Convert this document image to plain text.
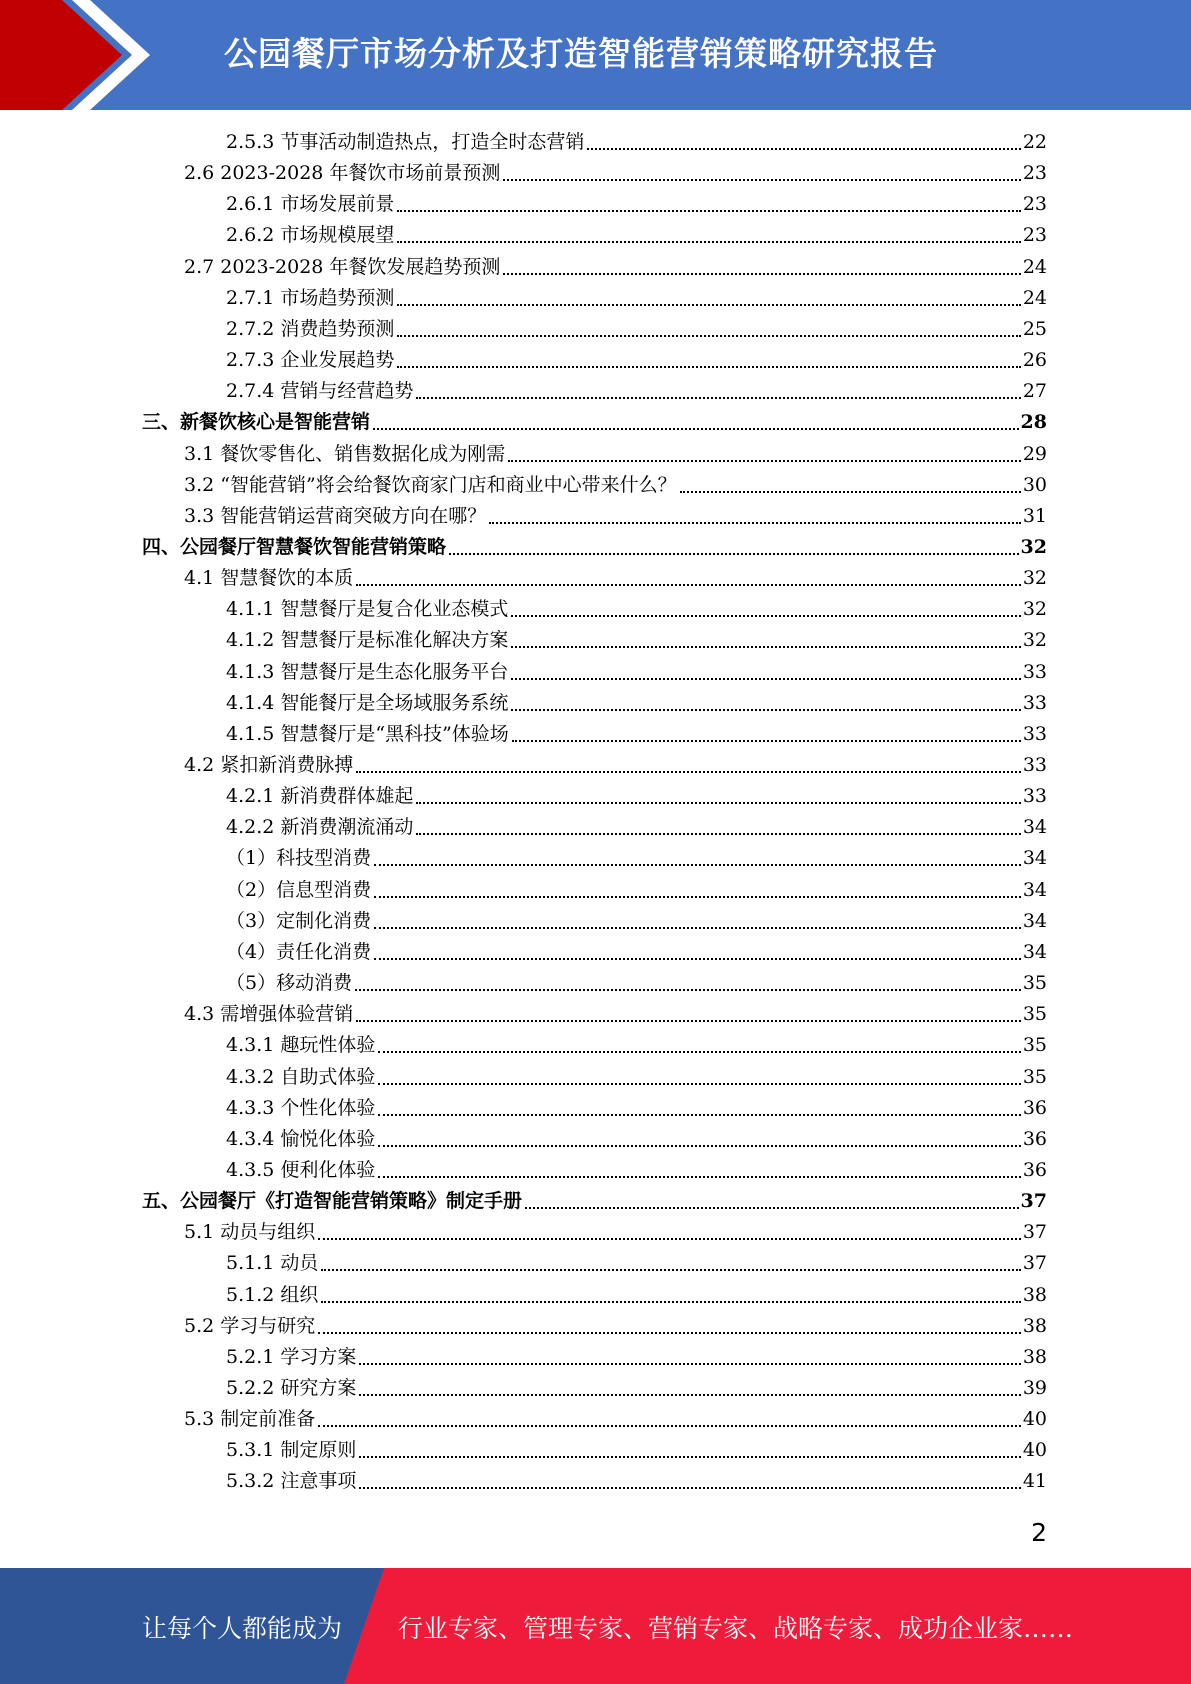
公园餐厅市场分析及打造智能营销策略研究报告
2.5.3 节事活动制造热点，打造全时态营销	22
2.6 2023-2028 年餐饮市场前景预测	23
2.6.1 市场发展前景	23
2.6.2 市场规模展望	23
2.7 2023-2028 年餐饮发展趋势预测	24
2.7.1 市场趋势预测	24
2.7.2 消费趋势预测	25
2.7.3 企业发展趋势	26
2.7.4 营销与经营趋势	27
三、新餐饮核心是智能营销	28
3.1 餐饮零售化、销售数据化成为刚需	29
3.2 “智能营销”将会给餐饮商家门店和商业中心带来什么？	30
3.3 智能营销运营商突破方向在哪？	31
四、公园餐厅智慧餐饮智能营销策略	32
4.1 智慧餐饮的本质	32
4.1.1 智慧餐厅是复合化业态模式	32
4.1.2 智慧餐厅是标准化解决方案	32
4.1.3 智慧餐厅是生态化服务平台	33
4.1.4 智能餐厅是全场域服务系统	33
4.1.5 智慧餐厅是“黑科技”体验场	33
4.2 紧扣新消费脉搏	33
4.2.1 新消费群体雄起	33
4.2.2 新消费潮流涌动	34
（1）科技型消费	34
（2）信息型消费	34
（3）定制化消费	34
（4）责任化消费	34
（5）移动消费	35
4.3 需增强体验营销	35
4.3.1 趣玩性体验	35
4.3.2 自助式体验	35
4.3.3 个性化体验	36
4.3.4 愉悦化体验	36
4.3.5 便利化体验	36
五、公园餐厅《打造智能营销策略》制定手册	37
5.1 动员与组织	37
5.1.1 动员	37
5.1.2 组织	38
5.2 学习与研究	38
5.2.1 学习方案	38
5.2.2 研究方案	39
5.3 制定前准备	40
5.3.1 制定原则	40
5.3.2 注意事项	41
2
让每个人都能成为 行业专家、管理专家、营销专家、战略专家、成功企业家……
